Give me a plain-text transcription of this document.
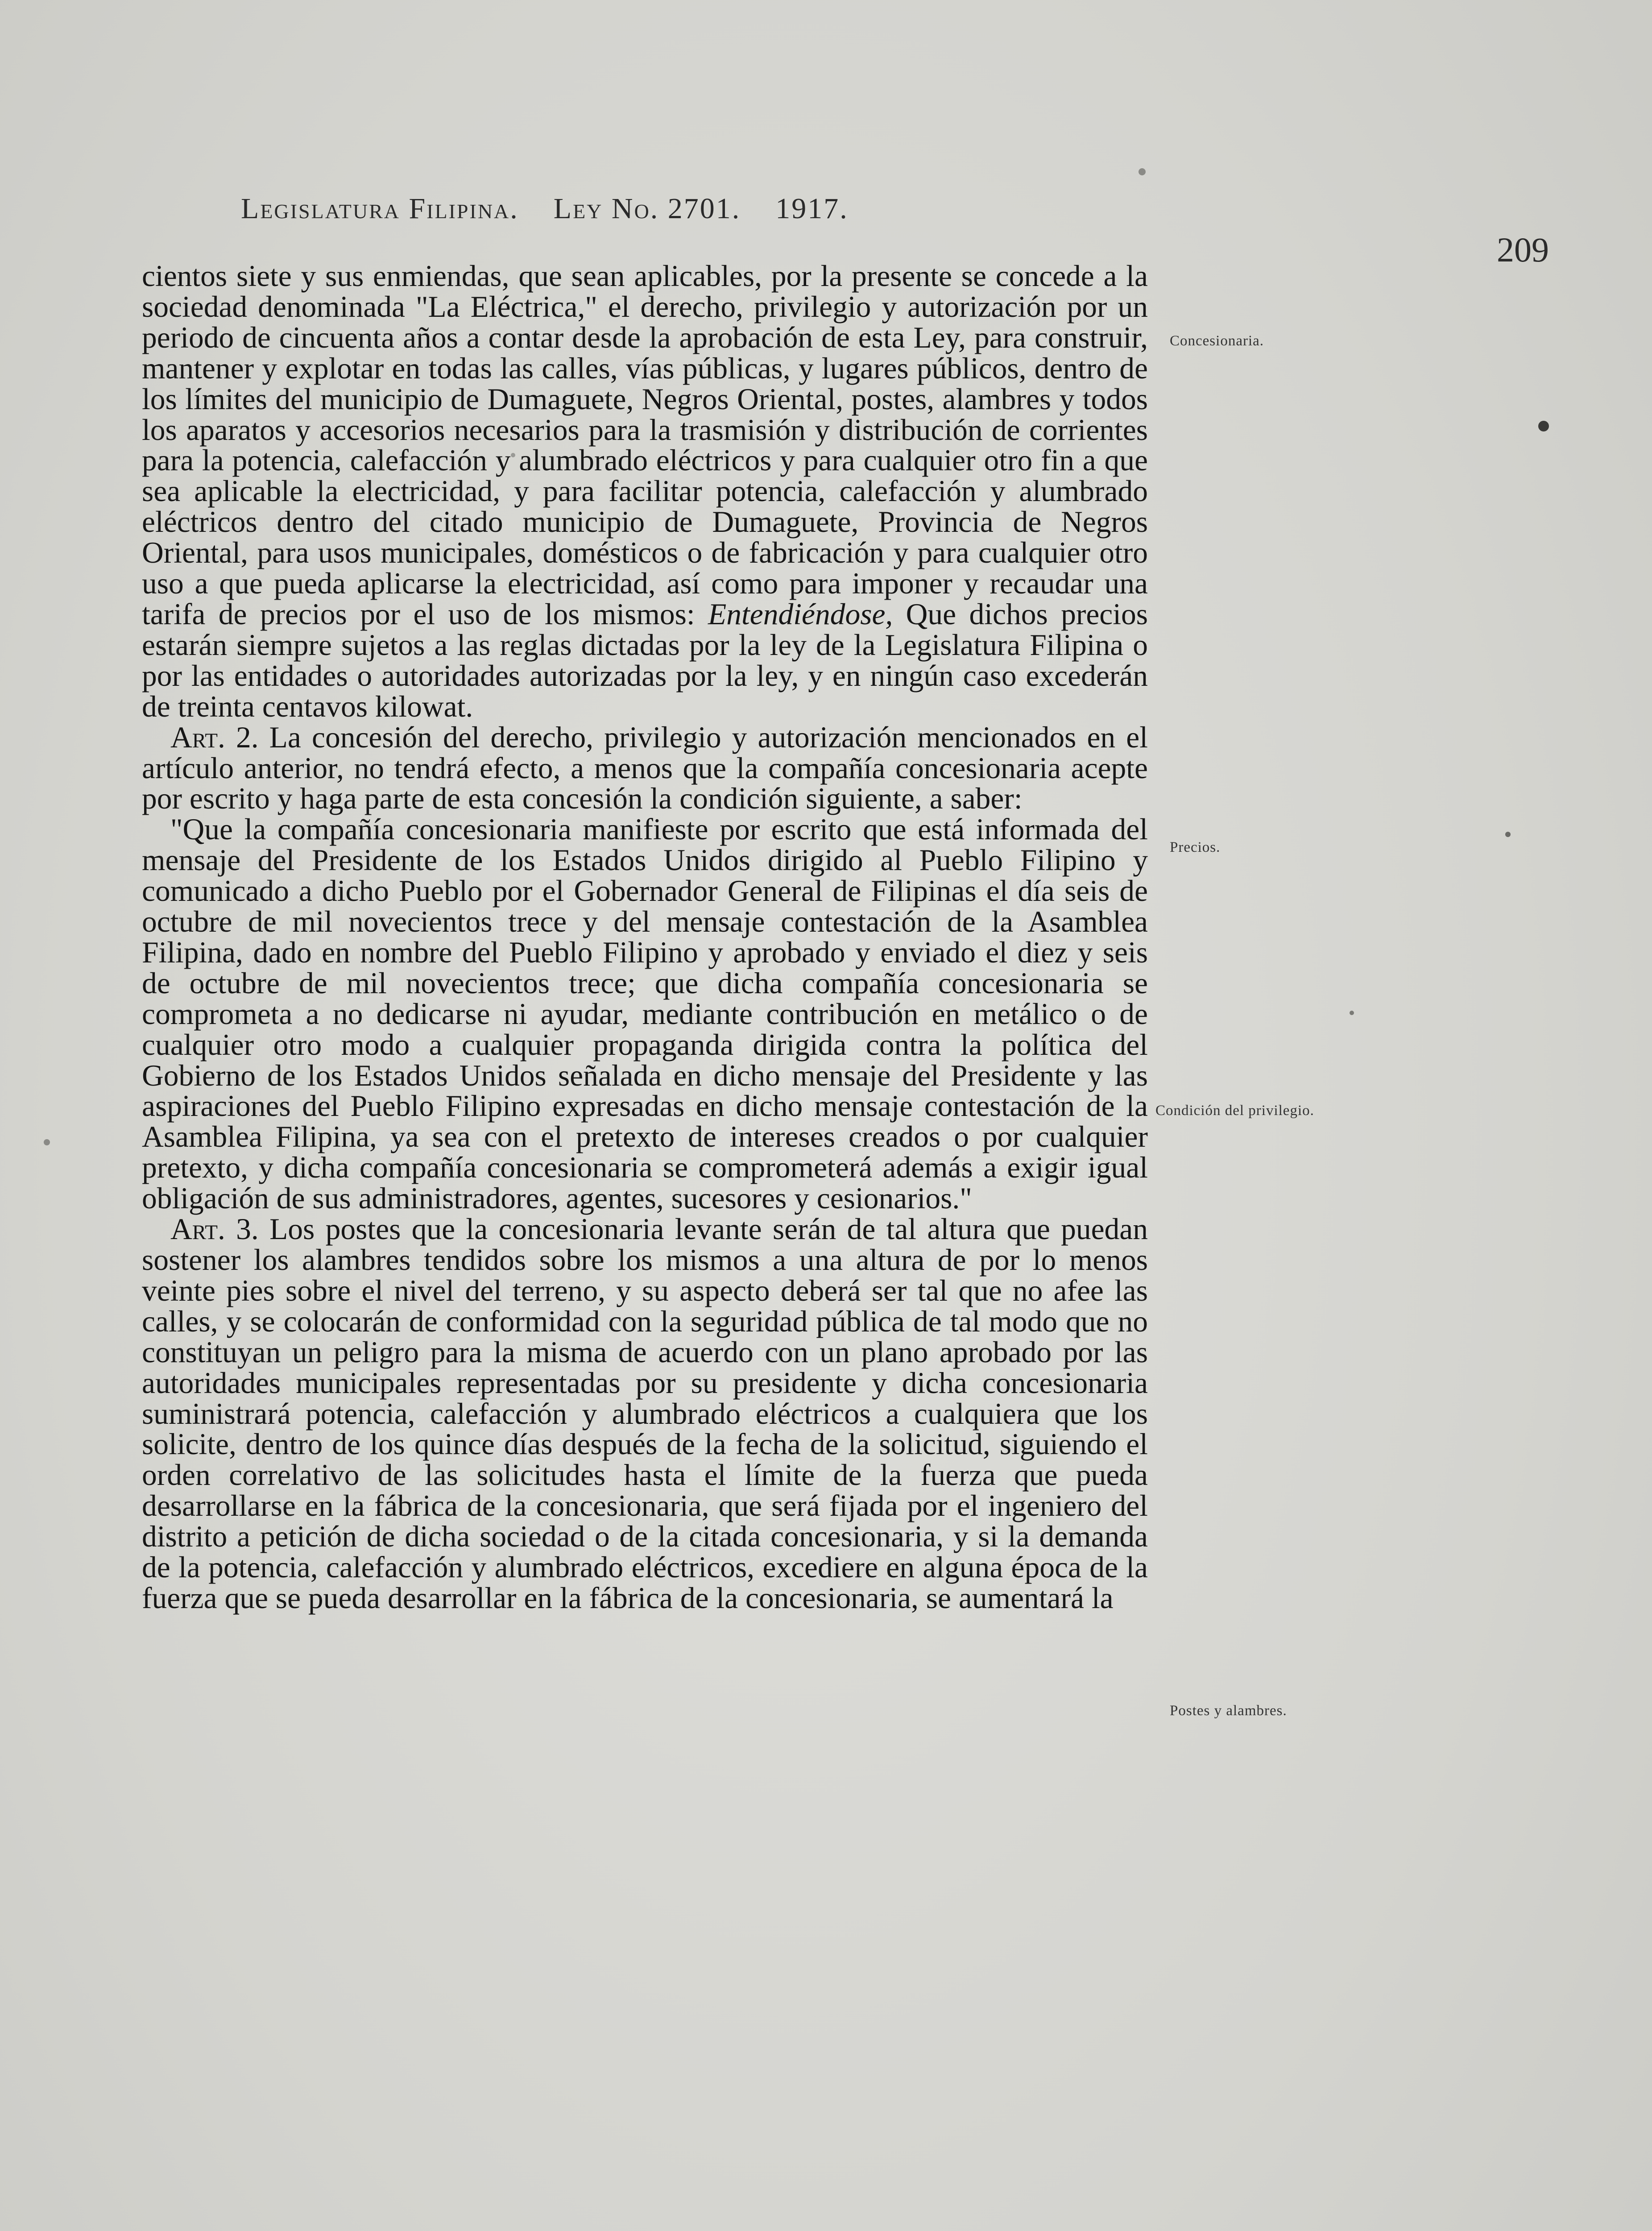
Legislatura Filipina. Ley No. 2701. 1917.
209

cientos siete y sus enmiendas, que sean aplicables, por la presente se concede a la sociedad denominada "La Eléctrica," el derecho, privilegio y autorización por un periodo de cincuenta años a contar desde la aprobación de esta Ley, para construir, mantener y explotar en todas las calles, vías públicas, y lugares públicos, dentro de los límites del municipio de Dumaguete, Negros Oriental, postes, alambres y todos los aparatos y accesorios necesarios para la trasmisión y distribución de corrientes para la potencia, calefacción y alumbrado eléctricos y para cualquier otro fin a que sea aplicable la electricidad, y para facilitar potencia, calefacción y alumbrado eléctricos dentro del citado municipio de Dumaguete, Provincia de Negros Oriental, para usos municipales, domésticos o de fabricación y para cualquier otro uso a que pueda aplicarse la electricidad, así como para imponer y recaudar una tarifa de precios por el uso de los mismos: Entendiéndose, Que dichos precios estarán siempre sujetos a las reglas dictadas por la ley de la Legislatura Filipina o por las entidades o autoridades autorizadas por la ley, y en ningún caso excederán de treinta centavos kilowat.

Art. 2. La concesión del derecho, privilegio y autorización mencionados en el artículo anterior, no tendrá efecto, a menos que la compañía concesionaria acepte por escrito y haga parte de esta concesión la condición siguiente, a saber:

"Que la compañía concesionaria manifieste por escrito que está informada del mensaje del Presidente de los Estados Unidos dirigido al Pueblo Filipino y comunicado a dicho Pueblo por el Gobernador General de Filipinas el día seis de octubre de mil novecientos trece y del mensaje contestación de la Asamblea Filipina, dado en nombre del Pueblo Filipino y aprobado y enviado el diez y seis de octubre de mil novecientos trece; que dicha compañía concesionaria se comprometa a no dedicarse ni ayudar, mediante contribución en metálico o de cualquier otro modo a cualquier propaganda dirigida contra la política del Gobierno de los Estados Unidos señalada en dicho mensaje del Presidente y las aspiraciones del Pueblo Filipino expresadas en dicho mensaje contestación de la Asamblea Filipina, ya sea con el pretexto de intereses creados o por cualquier pretexto, y dicha compañía concesionaria se comprometerá además a exigir igual obligación de sus administradores, agentes, sucesores y cesionarios."

Art. 3. Los postes que la concesionaria levante serán de tal altura que puedan sostener los alambres tendidos sobre los mismos a una altura de por lo menos veinte pies sobre el nivel del terreno, y su aspecto deberá ser tal que no afee las calles, y se colocarán de conformidad con la seguridad pública de tal modo que no constituyan un peligro para la misma de acuerdo con un plano aprobado por las autoridades municipales representadas por su presidente y dicha concesionaria suministrará potencia, calefacción y alumbrado eléctricos a cualquiera que los solicite, dentro de los quince días después de la fecha de la solicitud, siguiendo el orden correlativo de las solicitudes hasta el límite de la fuerza que pueda desarrollarse en la fábrica de la concesionaria, que será fijada por el ingeniero del distrito a petición de dicha sociedad o de la citada concesionaria, y si la demanda de la potencia, calefacción y alumbrado eléctricos, excediere en alguna época de la fuerza que se pueda desarrollar en la fábrica de la concesionaria, se aumentará la

Concesionaria.
Precios.
Condición del privilegio.
Postes y alambres.
